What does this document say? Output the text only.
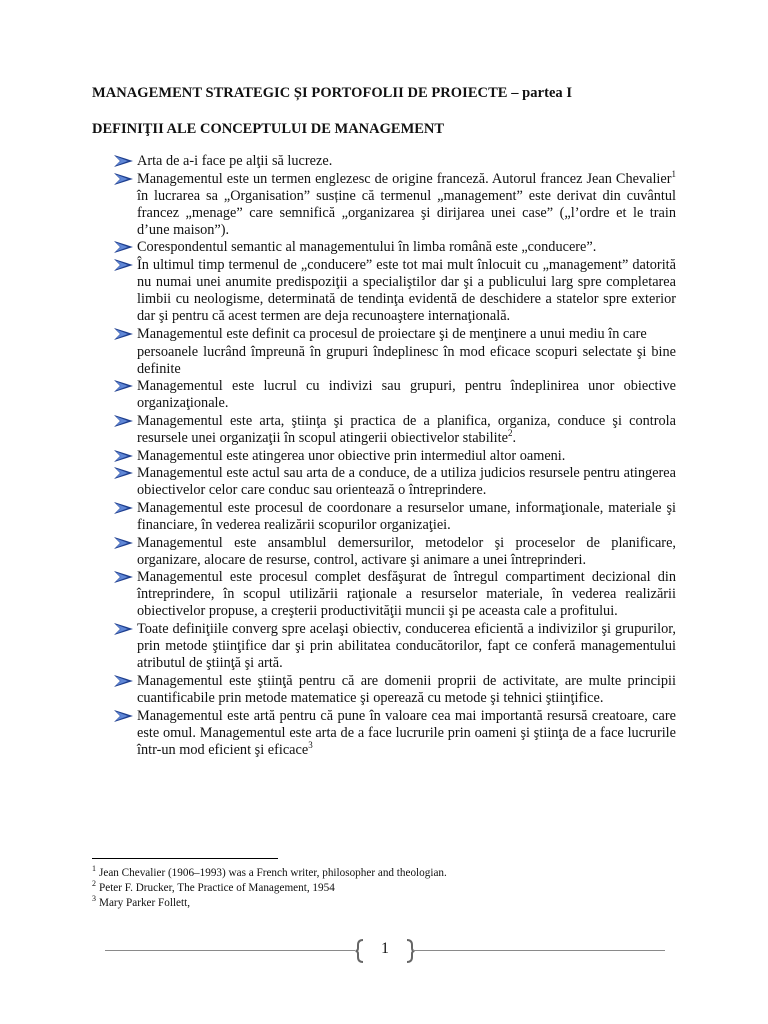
MANAGEMENT STRATEGIC ȘI PORTOFOLII DE PROIECTE – partea I
DEFINIŢII ALE CONCEPTULUI DE MANAGEMENT
Arta de a-i face pe alţii să lucreze.
Managementul este un termen englezesc de origine franceză. Autorul francez Jean Chevalier$^1$ în lucrarea sa „Organisation” susține că termenul „management” este derivat din cuvântul francez „menage” care semnifică „organizarea şi dirijarea unei case” („l’ordre et le train d’une maison”).
Corespondentul semantic al managementului în limba română este „conducere”.
În ultimul timp termenul de „conducere” este tot mai mult înlocuit cu „management” datorită nu numai unei anumite predispoziţii a specialiştilor dar şi a publicului larg spre completarea limbii cu neologisme, determinată de tendinţa evidentă de deschidere a statelor spre exterior dar şi pentru că acest termen are deja recunoaştere internaţională.
Managementul este definit ca procesul de proiectare şi de menţinere a unui mediu în care
persoanele lucrând împreună în grupuri îndeplinesc în mod eficace scopuri selectate şi bine definite
Managementul este lucrul cu indivizi sau grupuri, pentru îndeplinirea unor obiective organizaţionale.
Managementul este arta, ştiinţa şi practica de a planifica, organiza, conduce şi controla resursele unei organizaţii în scopul atingerii obiectivelor stabilite$^2$.
Managementul este atingerea unor obiective prin intermediul altor oameni.
Managementul este actul sau arta de a conduce, de a utiliza judicios resursele pentru atingerea obiectivelor celor care conduc sau orientează o întreprindere.
Managementul este procesul de coordonare a resurselor umane, informaţionale, materiale şi financiare, în vederea realizării scopurilor organizaţiei.
Managementul este ansamblul demersurilor, metodelor şi proceselor de planificare, organizare, alocare de resurse, control, activare şi animare a unei întreprinderi.
Managementul este procesul complet desfăşurat de întregul compartiment decizional din întreprindere, în scopul utilizării raţionale a resurselor materiale, în vederea realizării obiectivelor propuse, a creşterii productivităţii muncii şi pe aceasta cale a profitului.
Toate definiţiile converg spre acelaşi obiectiv, conducerea eficientă a indivizilor şi grupurilor, prin metode ştiinţifice dar şi prin abilitatea conducătorilor, fapt ce conferă managementului atributul de ştiinţă şi artă.
Managementul este ştiinţă pentru că are domenii proprii de activitate, are multe principii cuantificabile prin metode matematice şi operează cu metode şi tehnici ştiinţifice.
Managementul este artă pentru că pune în valoare cea mai importantă resursă creatoare, care este omul. Managementul este arta de a face lucrurile prin oameni şi ştiinţa de a face lucrurile într-un mod eficient şi eficace$^3$
$^1$ Jean Chevalier (1906–1993) was a French writer, philosopher and theologian.
$^2$ Peter F. Drucker, The Practice of Management, 1954
$^3$ Mary Parker Follett,
1
